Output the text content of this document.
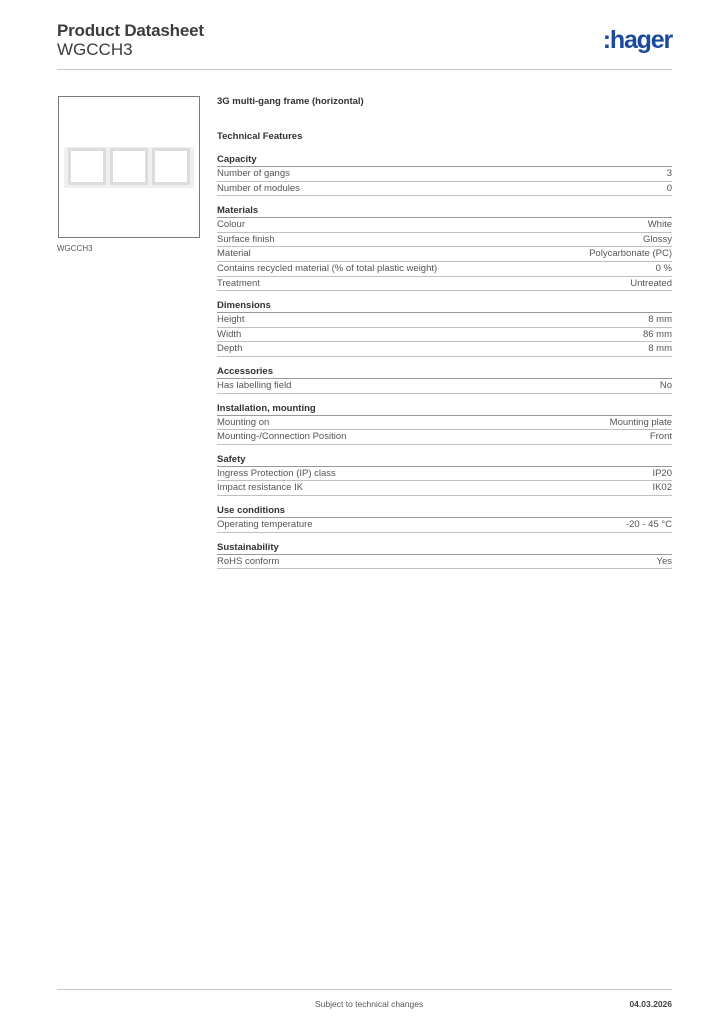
Product Datasheet
WGCCH3	:hager
WGCCH3
3G multi-gang frame (horizontal)
Technical Features
Capacity
Number of gangs	3
Number of modules	0
Materials
Colour	White
Surface finish	Glossy
Material	Polycarbonate (PC)
Contains recycled material (% of total plastic weight)	0 %
Treatment	Untreated
Dimensions
Height	8 mm
Width	86 mm
Depth	8 mm
Accessories
Has labelling field	No
Installation, mounting
Mounting on	Mounting plate
Mounting-/Connection Position	Front
Safety
Ingress Protection (IP) class	IP20
Impact resistance IK	IK02
Use conditions
Operating temperature	-20 - 45 °C
Sustainability
RoHS conform	Yes
Subject to technical changes	04.03.2026
